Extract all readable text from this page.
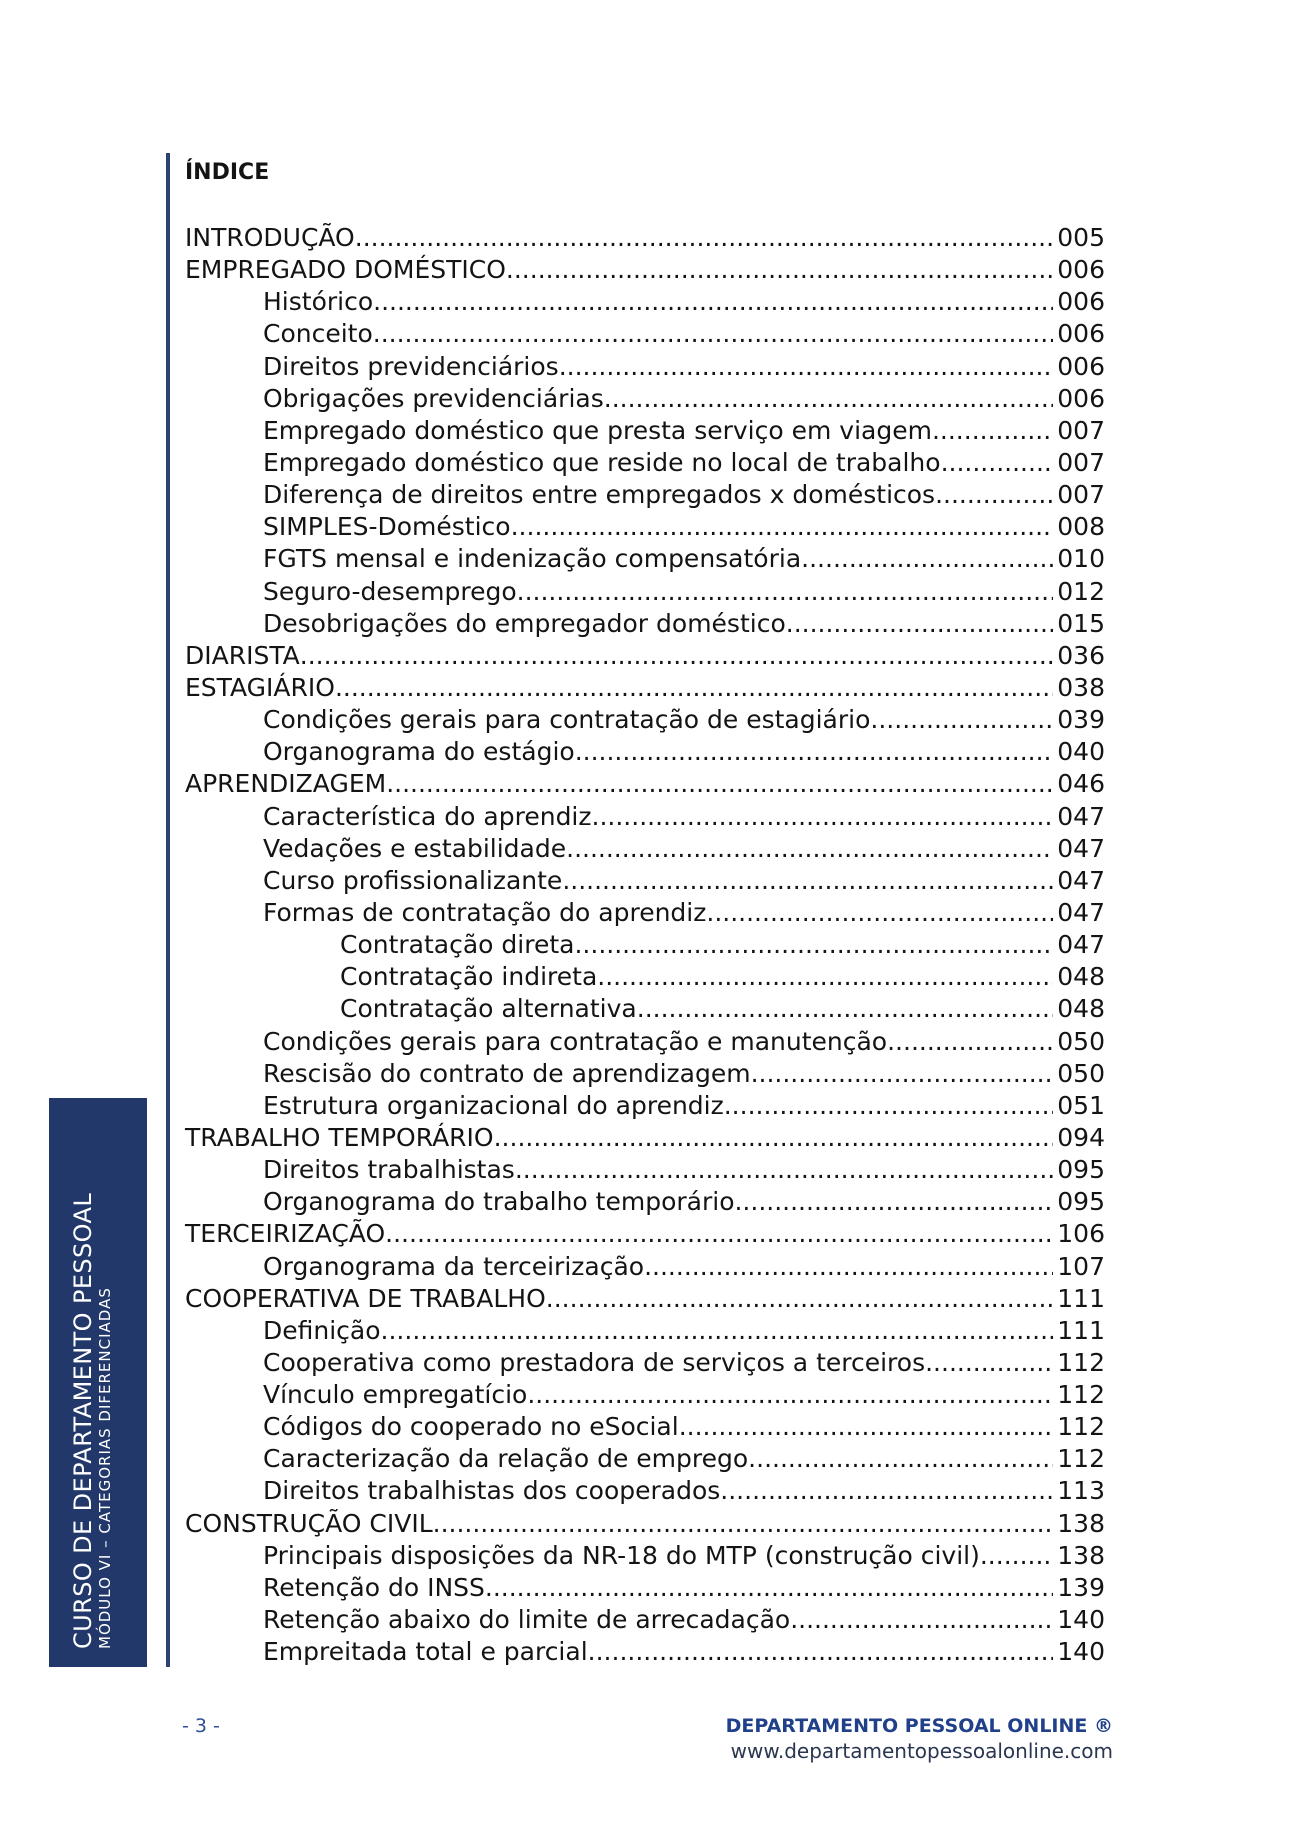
ÍNDICE
INTRODUÇÃO .....	005
EMPREGADO DOMÉSTICO .....	006
Histórico .....	006
Conceito .....	006
Direitos previdenciários .....	006
Obrigações previdenciárias .....	006
Empregado doméstico que presta serviço em viagem .....	007
Empregado doméstico que reside no local de trabalho .....	007
Diferença de direitos entre empregados x domésticos .....	007
SIMPLES-Doméstico .....	008
FGTS mensal e indenização compensatória .....	010
Seguro-desemprego .....	012
Desobrigações do empregador doméstico .....	015
DIARISTA .....	036
ESTAGIÁRIO .....	038
Condições gerais para contratação de estagiário .....	039
Organograma do estágio .....	040
APRENDIZAGEM .....	046
Característica do aprendiz .....	047
Vedações e estabilidade .....	047
Curso profissionalizante .....	047
Formas de contratação do aprendiz .....	047
Contratação direta .....	047
Contratação indireta .....	048
Contratação alternativa .....	048
Condições gerais para contratação e manutenção .....	050
Rescisão do contrato de aprendizagem .....	050
Estrutura organizacional do aprendiz .....	051
TRABALHO TEMPORÁRIO .....	094
Direitos trabalhistas .....	095
Organograma do trabalho temporário .....	095
TERCEIRIZAÇÃO .....	106
Organograma da terceirização .....	107
COOPERATIVA DE TRABALHO .....	111
Definição .....	111
Cooperativa como prestadora de serviços a terceiros .....	112
Vínculo empregatício .....	112
Códigos do cooperado no eSocial .....	112
Caracterização da relação de emprego .....	112
Direitos trabalhistas dos cooperados .....	113
CONSTRUÇÃO CIVIL .....	138
Principais disposições da NR-18 do MTP (construção civil) .....	138
Retenção do INSS .....	139
Retenção abaixo do limite de arrecadação .....	140
Empreitada total e parcial .....	140
CURSO DE DEPARTAMENTO PESSOAL MÓDULO VI – CATEGORIAS DIFERENCIADAS
- 3 -	DEPARTAMENTO PESSOAL ONLINE ®
www.departamentopessoalonline.com
